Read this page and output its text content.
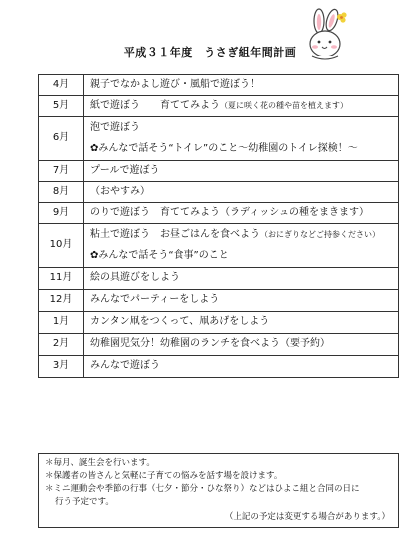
平成３１年度　うさぎ組年間計画
4月	親子でなかよし遊び・風船で遊ぼう！

5月	紙で遊ぼう　　育ててみよう（夏に咲く花の種や苗を植えます）

6月	泡で遊ぼう
✿みんなで話そう“トイレ”のこと～幼稚園のトイレ探検！～

7月	プールで遊ぼう

8月	（おやすみ）

9月	のりで遊ぼう　育ててみよう（ラディッシュの種をまきます）

10月	粘土で遊ぼう　お昼ごはんを食べよう（おにぎりなどご持参ください）
✿みんなで話そう“食事”のこと

11月	絵の具遊びをしよう

12月	みんなでパーティーをしよう

1月	カンタン凧をつくって、凧あげをしよう

2月	幼稚園児気分！幼稚園のランチを食べよう（要予約）

3月	みんなで遊ぼう
＊毎月、誕生会を行います。
＊保護者の皆さんと気軽に子育ての悩みを話す場を設けます。
＊ミニ運動会や季節の行事（七夕・節分・ひな祭り）などはひよこ組と合同の日に
行う予定です。
（上記の予定は変更する場合があります。）
